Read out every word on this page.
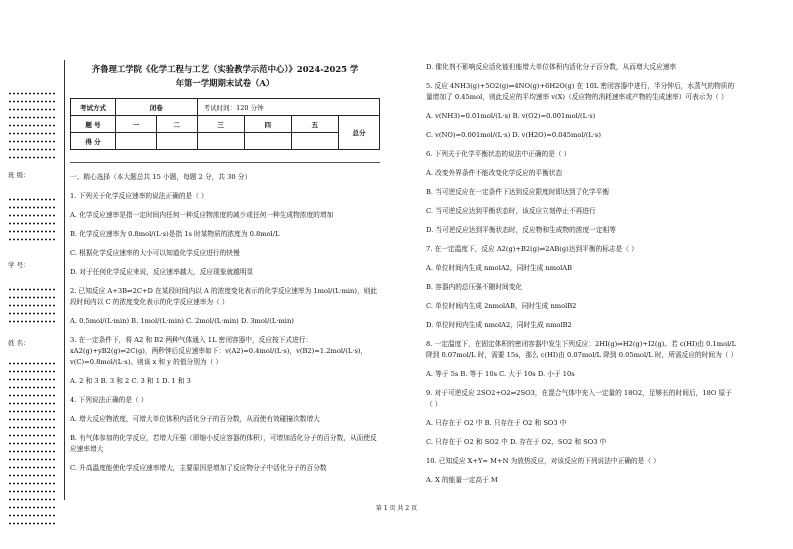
班 级：
学 号：
姓 名：
齐鲁理工学院《化学工程与工艺（实验教学示范中心）》2024-2025 学
年第一学期期末试卷（A）
考试方式	闭卷		考试时间：120 分钟			
题 号	一	二	三	四	五	总分
得 分						

一、精心选择（本大题总共 15 小题，每题 2 分，共 30 分）

1. 下列关于化学反应速率的说法正确的是（ ）

A. 化学反应速率是指一定时间内任何一种反应物浓度的减少或任何一种生成物浓度的增加

B. 化学反应速率为 0.8mol/(L·s)是指 1s 时某物质的浓度为 0.8mol/L

C. 根据化学反应速率的大小可以知道化学反应进行的快慢

D. 对于任何化学反应来说，反应速率越大，反应现象就越明显

2. 已知反应 A+3B⇌2C+D 在某段时间内以 A 的浓度变化表示的化学反应速率为 1mol/(L·min)，则此段时间内以 C 的浓度变化表示的化学反应速率为（ ）

A. 0.5mol/(L·min) B. 1mol/(L·min) C. 2mol/(L·min) D. 3mol/(L·min)

3. 在一定条件下，将 A2 和 B2 两种气体通入 1L 密闭容器中，反应按下式进行：xA2(g)+yB2(g)⇌2C(g)，两秒钟后反应速率如下：v(A2)=0.4mol/(L·s)，v(B2)=1.2mol/(L·s)，v(C)=0.8mol/(L·s)。则该 x 和 y 的值分别为（ ）

A. 2 和 3 B. 3 和 2 C. 3 和 1 D. 1 和 3

4. 下列说法正确的是（ ）

A. 增大反应物浓度，可增大单位体积内活化分子的百分数，从而使有效碰撞次数增大

B. 有气体参加的化学反应，若增大压强（即缩小反应容器的体积），可增加活化分子的百分数，从而使反应速率增大

C. 升高温度能使化学反应速率增大，主要原因是增加了反应物分子中活化分子的百分数

D. 催化剂不影响反应活化能但能增大单位体积内活化分子百分数，从而增大反应速率

5. 反应 4NH3(g)+5O2(g)⇌4NO(g)+6H2O(g) 在 10L 密闭容器中进行，半分钟后，水蒸气的物质的量增加了 0.45mol，则此反应的平均速率 v(X)（反应物的消耗速率或产物的生成速率）可表示为（ ）

A. v(NH3)=0.01mol/(L·s) B. v(O2)=0.001mol/(L·s)

C. v(NO)=0.001mol/(L·s) D. v(H2O)=0.045mol/(L·s)

6. 下列关于化学平衡状态的说法中正确的是（ ）

A. 改变外界条件不能改变化学反应的平衡状态

B. 当可逆反应在一定条件下达到反应限度时即达到了化学平衡

C. 当可逆反应达到平衡状态时，该反应立刻停止不再进行

D. 当可逆反应达到平衡状态时，反应物和生成物的浓度一定相等

7. 在一定温度下，反应 A2(g)+B2(g)⇌2AB(g)达到平衡的标志是（ ）

A. 单位时间内生成 nmolA2，同时生成 nmolAB

B. 容器内的总压强不随时间变化

C. 单位时间内生成 2nmolAB，同时生成 nmolB2

D. 单位时间内生成 nmolA2，同时生成 nmolB2

8. 一定温度下，在固定体积的密闭容器中发生下列反应：2HI(g)⇌H2(g)+I2(g)。若 c(HI)由 0.1mol/L 降到 0.07mol/L 时，需要 15s，那么 c(HI)由 0.07mol/L 降到 0.05mol/L 时，所需反应的时间为（ ）

A. 等于 5s B. 等于 10s C. 大于 10s D. 小于 10s

9. 对于可逆反应 2SO2+O2⇌2SO3，在混合气体中充入一定量的 18O2，足够长的时间后，18O 原子（ ）

A. 只存在于 O2 中 B. 只存在于 O2 和 SO3 中

C. 只存在于 O2 和 SO2 中 D. 存在于 O2、SO2 和 SO3 中

10. 已知反应 X+Y= M+N 为放热反应，对该反应的下列说法中正确的是（ ）

A. X 的能量一定高于 M

第 1 页 共 2 页
